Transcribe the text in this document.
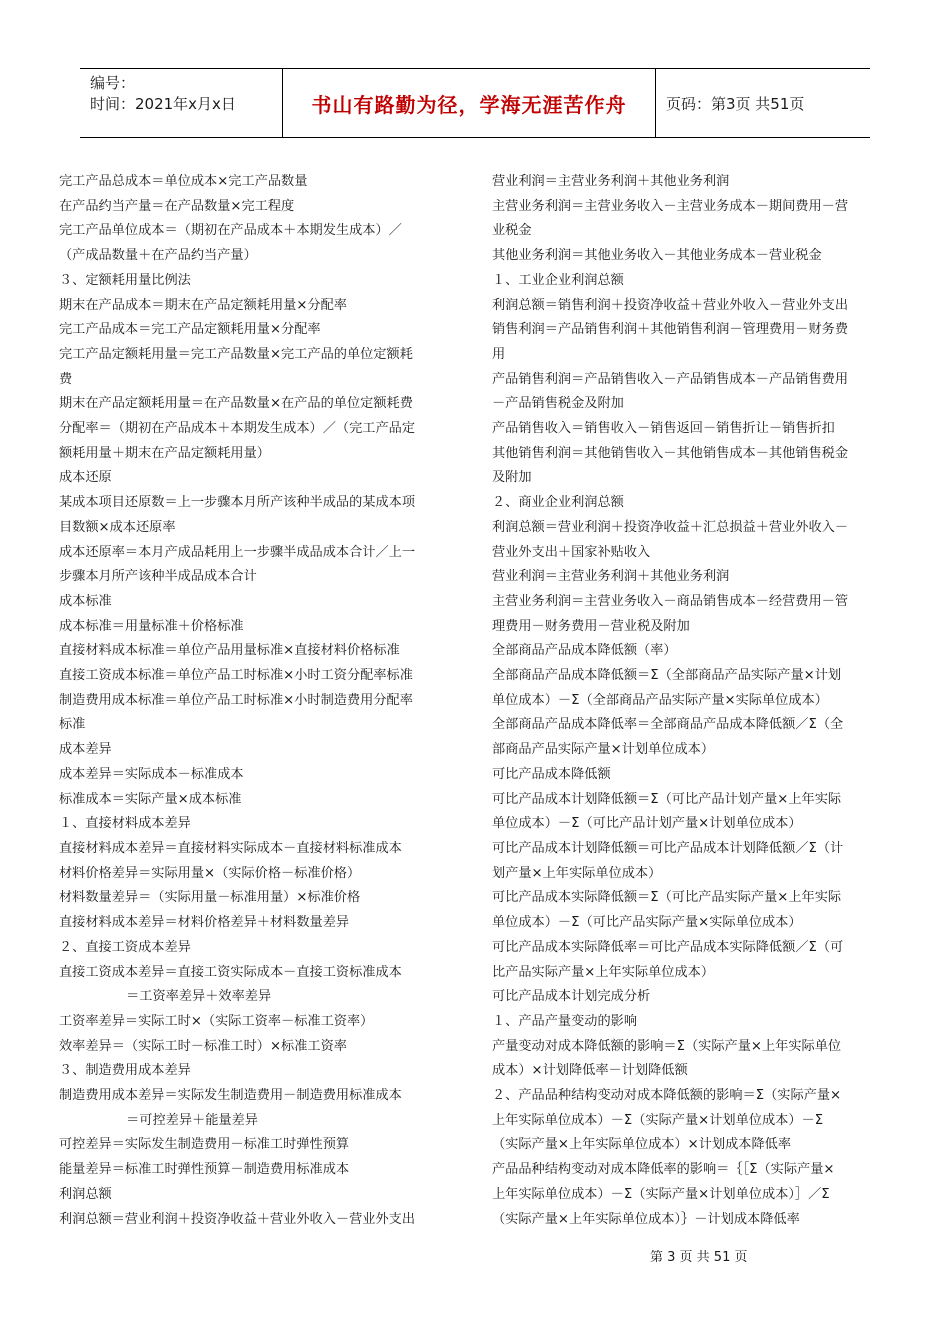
编号：
时间：2021年x月x日	书山有路勤为径，学海无涯苦作舟	页码：第3页 共51页
完工产品总成本＝单位成本×完工产品数量
在产品约当产量＝在产品数量×完工程度
完工产品单位成本＝（期初在产品成本＋本期发生成本）／
（产成品数量＋在产品约当产量）
３、定额耗用量比例法
期末在产品成本＝期末在产品定额耗用量×分配率
完工产品成本＝完工产品定额耗用量×分配率
完工产品定额耗用量＝完工产品数量×完工产品的单位定额耗
费
期末在产品定额耗用量＝在产品数量×在产品的单位定额耗费
分配率＝（期初在产品成本＋本期发生成本）／（完工产品定
额耗用量＋期末在产品定额耗用量）
成本还原
某成本项目还原数＝上一步骤本月所产该种半成品的某成本项
目数额×成本还原率
成本还原率＝本月产成品耗用上一步骤半成品成本合计／上一
步骤本月所产该种半成品成本合计
成本标准
成本标准＝用量标准＋价格标准
直接材料成本标准＝单位产品用量标准×直接材料价格标准
直接工资成本标准＝单位产品工时标准×小时工资分配率标准
制造费用成本标准＝单位产品工时标准×小时制造费用分配率
标准
成本差异
成本差异＝实际成本－标准成本
标准成本＝实际产量×成本标准
１、直接材料成本差异
直接材料成本差异＝直接材料实际成本－直接材料标准成本
材料价格差异＝实际用量×（实际价格－标准价格）
材料数量差异＝（实际用量－标准用量）×标准价格
直接材料成本差异＝材料价格差异＋材料数量差异
２、直接工资成本差异
直接工资成本差异＝直接工资实际成本－直接工资标准成本
＝工资率差异＋效率差异
工资率差异＝实际工时×（实际工资率－标准工资率）
效率差异＝（实际工时－标准工时）×标准工资率
３、制造费用成本差异
制造费用成本差异＝实际发生制造费用－制造费用标准成本
＝可控差异＋能量差异
可控差异＝实际发生制造费用－标准工时弹性预算
能量差异＝标准工时弹性预算－制造费用标准成本
利润总额
利润总额＝营业利润＋投资净收益＋营业外收入－营业外支出
营业利润＝主营业务利润＋其他业务利润
主营业务利润＝主营业务收入－主营业务成本－期间费用－营
业税金
其他业务利润＝其他业务收入－其他业务成本－营业税金
１、工业企业利润总额
利润总额＝销售利润＋投资净收益＋营业外收入－营业外支出
销售利润＝产品销售利润＋其他销售利润－管理费用－财务费
用
产品销售利润＝产品销售收入－产品销售成本－产品销售费用
－产品销售税金及附加
产品销售收入＝销售收入－销售返回－销售折让－销售折扣
其他销售利润＝其他销售收入－其他销售成本－其他销售税金
及附加
２、商业企业利润总额
利润总额＝营业利润＋投资净收益＋汇总损益＋营业外收入－
营业外支出＋国家补贴收入
营业利润＝主营业务利润＋其他业务利润
主营业务利润＝主营业务收入－商品销售成本－经营费用－管
理费用－财务费用－营业税及附加
全部商品产品成本降低额（率）
全部商品产品成本降低额＝Σ（全部商品产品实际产量×计划
单位成本）－Σ（全部商品产品实际产量×实际单位成本）
全部商品产品成本降低率＝全部商品产品成本降低额／Σ（全
部商品产品实际产量×计划单位成本）
可比产品成本降低额
可比产品成本计划降低额＝Σ（可比产品计划产量×上年实际
单位成本）－Σ（可比产品计划产量×计划单位成本）
可比产品成本计划降低额＝可比产品成本计划降低额／Σ（计
划产量×上年实际单位成本）
可比产品成本实际降低额＝Σ（可比产品实际产量×上年实际
单位成本）－Σ（可比产品实际产量×实际单位成本）
可比产品成本实际降低率＝可比产品成本实际降低额／Σ（可
比产品实际产量×上年实际单位成本）
可比产品成本计划完成分析
１、产品产量变动的影响
产量变动对成本降低额的影响＝Σ（实际产量×上年实际单位
成本）×计划降低率－计划降低额
２、产品品种结构变动对成本降低额的影响＝Σ（实际产量×
上年实际单位成本）－Σ（实际产量×计划单位成本）－Σ
（实际产量×上年实际单位成本）×计划成本降低率
产品品种结构变动对成本降低率的影响＝｛［Σ（实际产量×
上年实际单位成本）－Σ（实际产量×计划单位成本）］／Σ
（实际产量×上年实际单位成本）｝－计划成本降低率
第 3 页 共 51 页
